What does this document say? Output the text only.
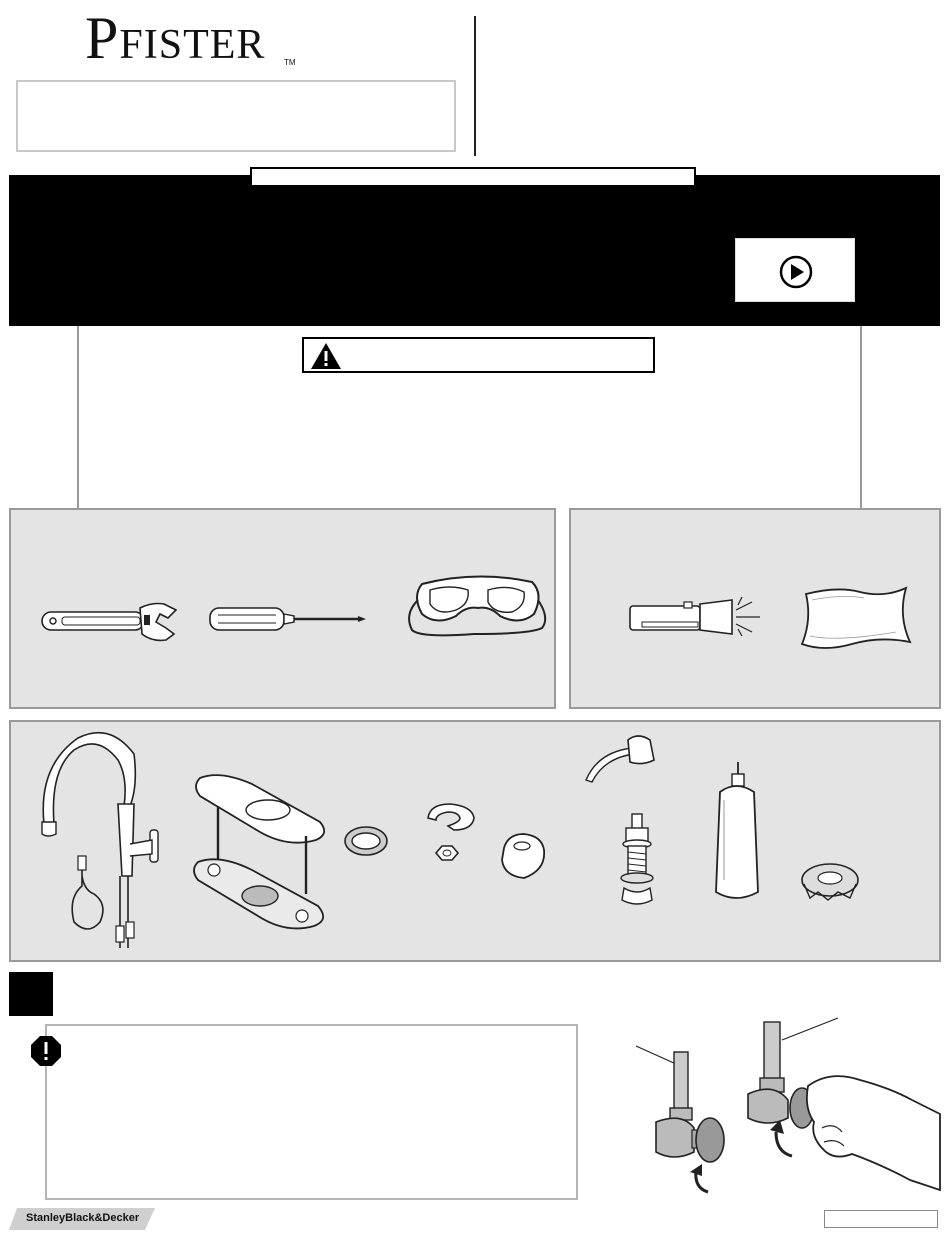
Pfister TM
StanleyBlack&Decker
